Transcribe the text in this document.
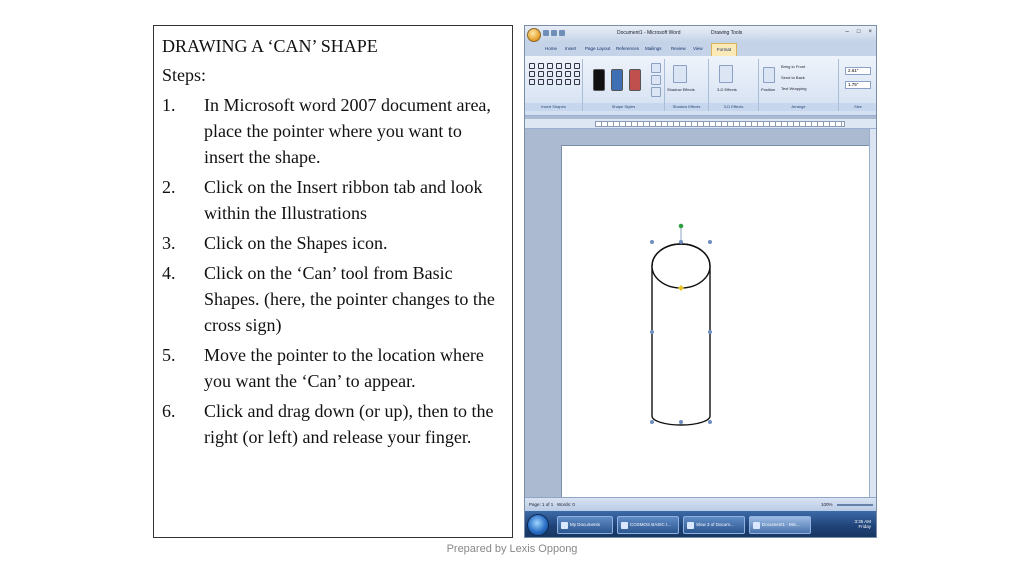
DRAWING A ‘CAN’ SHAPE
Steps:
1.	In Microsoft word 2007 document area, place the pointer where you want to insert the shape.
2.	Click on the Insert ribbon tab and look within the Illustrations
3.	Click on the Shapes icon.
4.	Click on the ‘Can’ tool from Basic Shapes. (here, the pointer changes to the cross sign)
5.	Move the pointer to the location where you want the ‘Can’ to appear.
6.	Click and drag down (or up), then to the right (or left) and release your finger.
Document1 - Microsoft Word	Drawing Tools	– □ ×
Home Insert Page Layout References Mailings Review View	Format
Insert Shapes	Shape Styles
Shadow Effects
Shadow Effects
3-D Effects
3-D Effects
Position
Bring to Front
Send to Back
Text Wrapping
Arrange
2.61"
1.75"
Size
Page: 1 of 1 Words: 0	100%
My Documents	COSMOS BASIC I...	Slow 3 of Docum...	Document1 - Mic...
3:35 AM
Friday
Prepared by Lexis Oppong
